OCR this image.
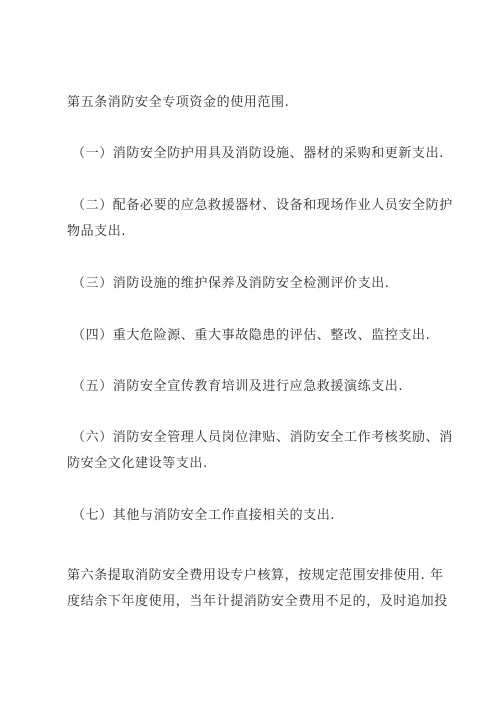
第五条消防安全专项资金的使用范围.

（一）消防安全防护用具及消防设施、器材的采购和更新支出.

（二）配备必要的应急救援器材、设备和现场作业人员安全防护
物品支出.

（三）消防设施的维护保养及消防安全检测评价支出.

（四）重大危险源、重大事故隐患的评估、整改、监控支出.

（五）消防安全宣传教育培训及进行应急救援演练支出.

（六）消防安全管理人员岗位津贴、消防安全工作考核奖励、消
防安全文化建设等支出.

（七）其他与消防安全工作直接相关的支出.

第六条提取消防安全费用设专户核算，按规定范围安排使用. 年
度结余下年度使用，当年计提消防安全费用不足的，及时追加投
